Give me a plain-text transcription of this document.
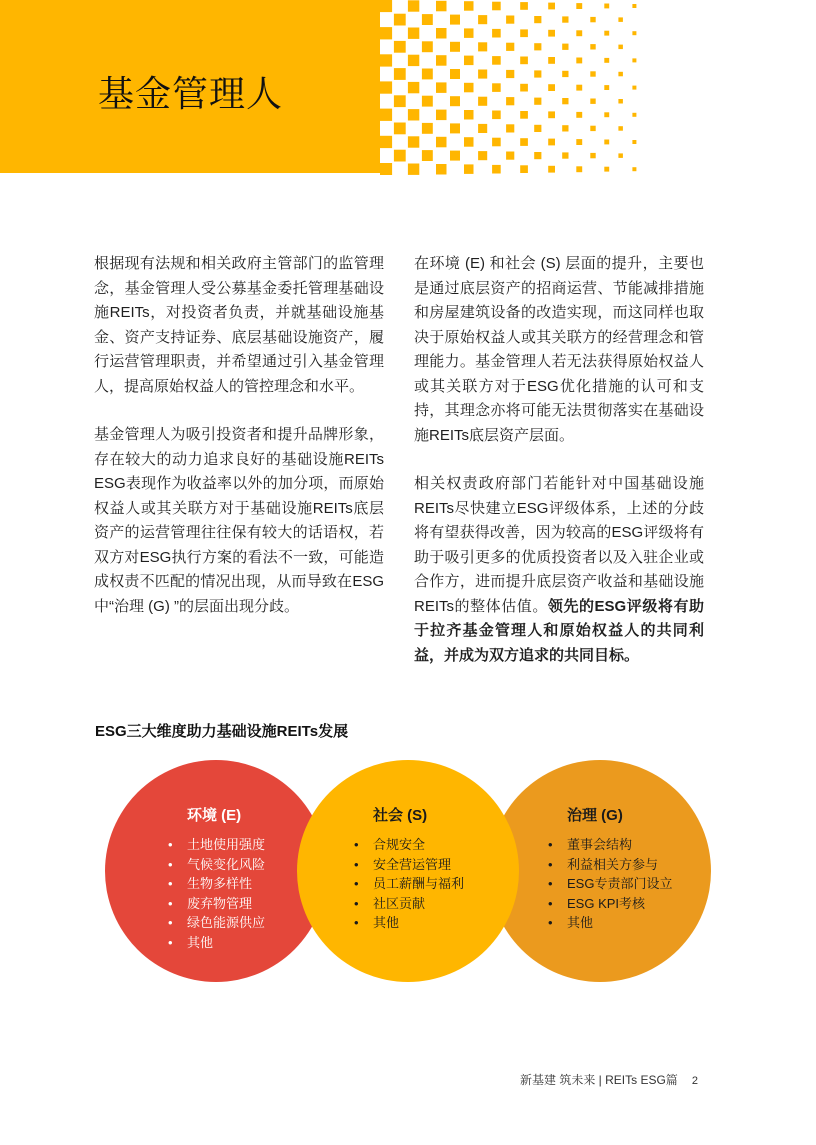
基金管理人

根据现有法规和相关政府主管部门的监管理念，基金管理人受公募基金委托管理基础设施REITs，对投资者负责，并就基础设施基金、资产支持证券、底层基础设施资产，履行运营管理职责，并希望通过引入基金管理人，提高原始权益人的管控理念和水平。

基金管理人为吸引投资者和提升品牌形象，存在较大的动力追求良好的基础设施REITs ESG表现作为收益率以外的加分项，而原始权益人或其关联方对于基础设施REITs底层资产的运营管理往往保有较大的话语权，若双方对ESG执行方案的看法不一致，可能造成权责不匹配的情况出现，从而导致在ESG中“治理 (G) ”的层面出现分歧。

在环境 (E) 和社会 (S) 层面的提升，主要也是通过底层资产的招商运营、节能减排措施和房屋建筑设备的改造实现，而这同样也取决于原始权益人或其关联方的经营理念和管理能力。基金管理人若无法获得原始权益人或其关联方对于ESG优化措施的认可和支持，其理念亦将可能无法贯彻落实在基础设施REITs底层资产层面。

相关权责政府部门若能针对中国基础设施REITs尽快建立ESG评级体系，上述的分歧将有望获得改善，因为较高的ESG评级将有助于吸引更多的优质投资者以及入驻企业或合作方，进而提升底层资产收益和基础设施REITs的整体估值。领先的ESG评级将有助于拉齐基金管理人和原始权益人的共同利益，并成为双方追求的共同目标。

ESG三大维度助力基础设施REITs发展
环境 (E)
• 土地使用强度
• 气候变化风险
• 生物多样性
• 废弃物管理
• 绿色能源供应
• 其他
社会 (S)
• 合规安全
• 安全营运管理
• 员工薪酬与福利
• 社区贡献
• 其他
治理 (G)
• 董事会结构
• 利益相关方参与
• ESG专责部门设立
• ESG KPI考核
• 其他
新基建 筑未来 | REITs ESG篇 2
